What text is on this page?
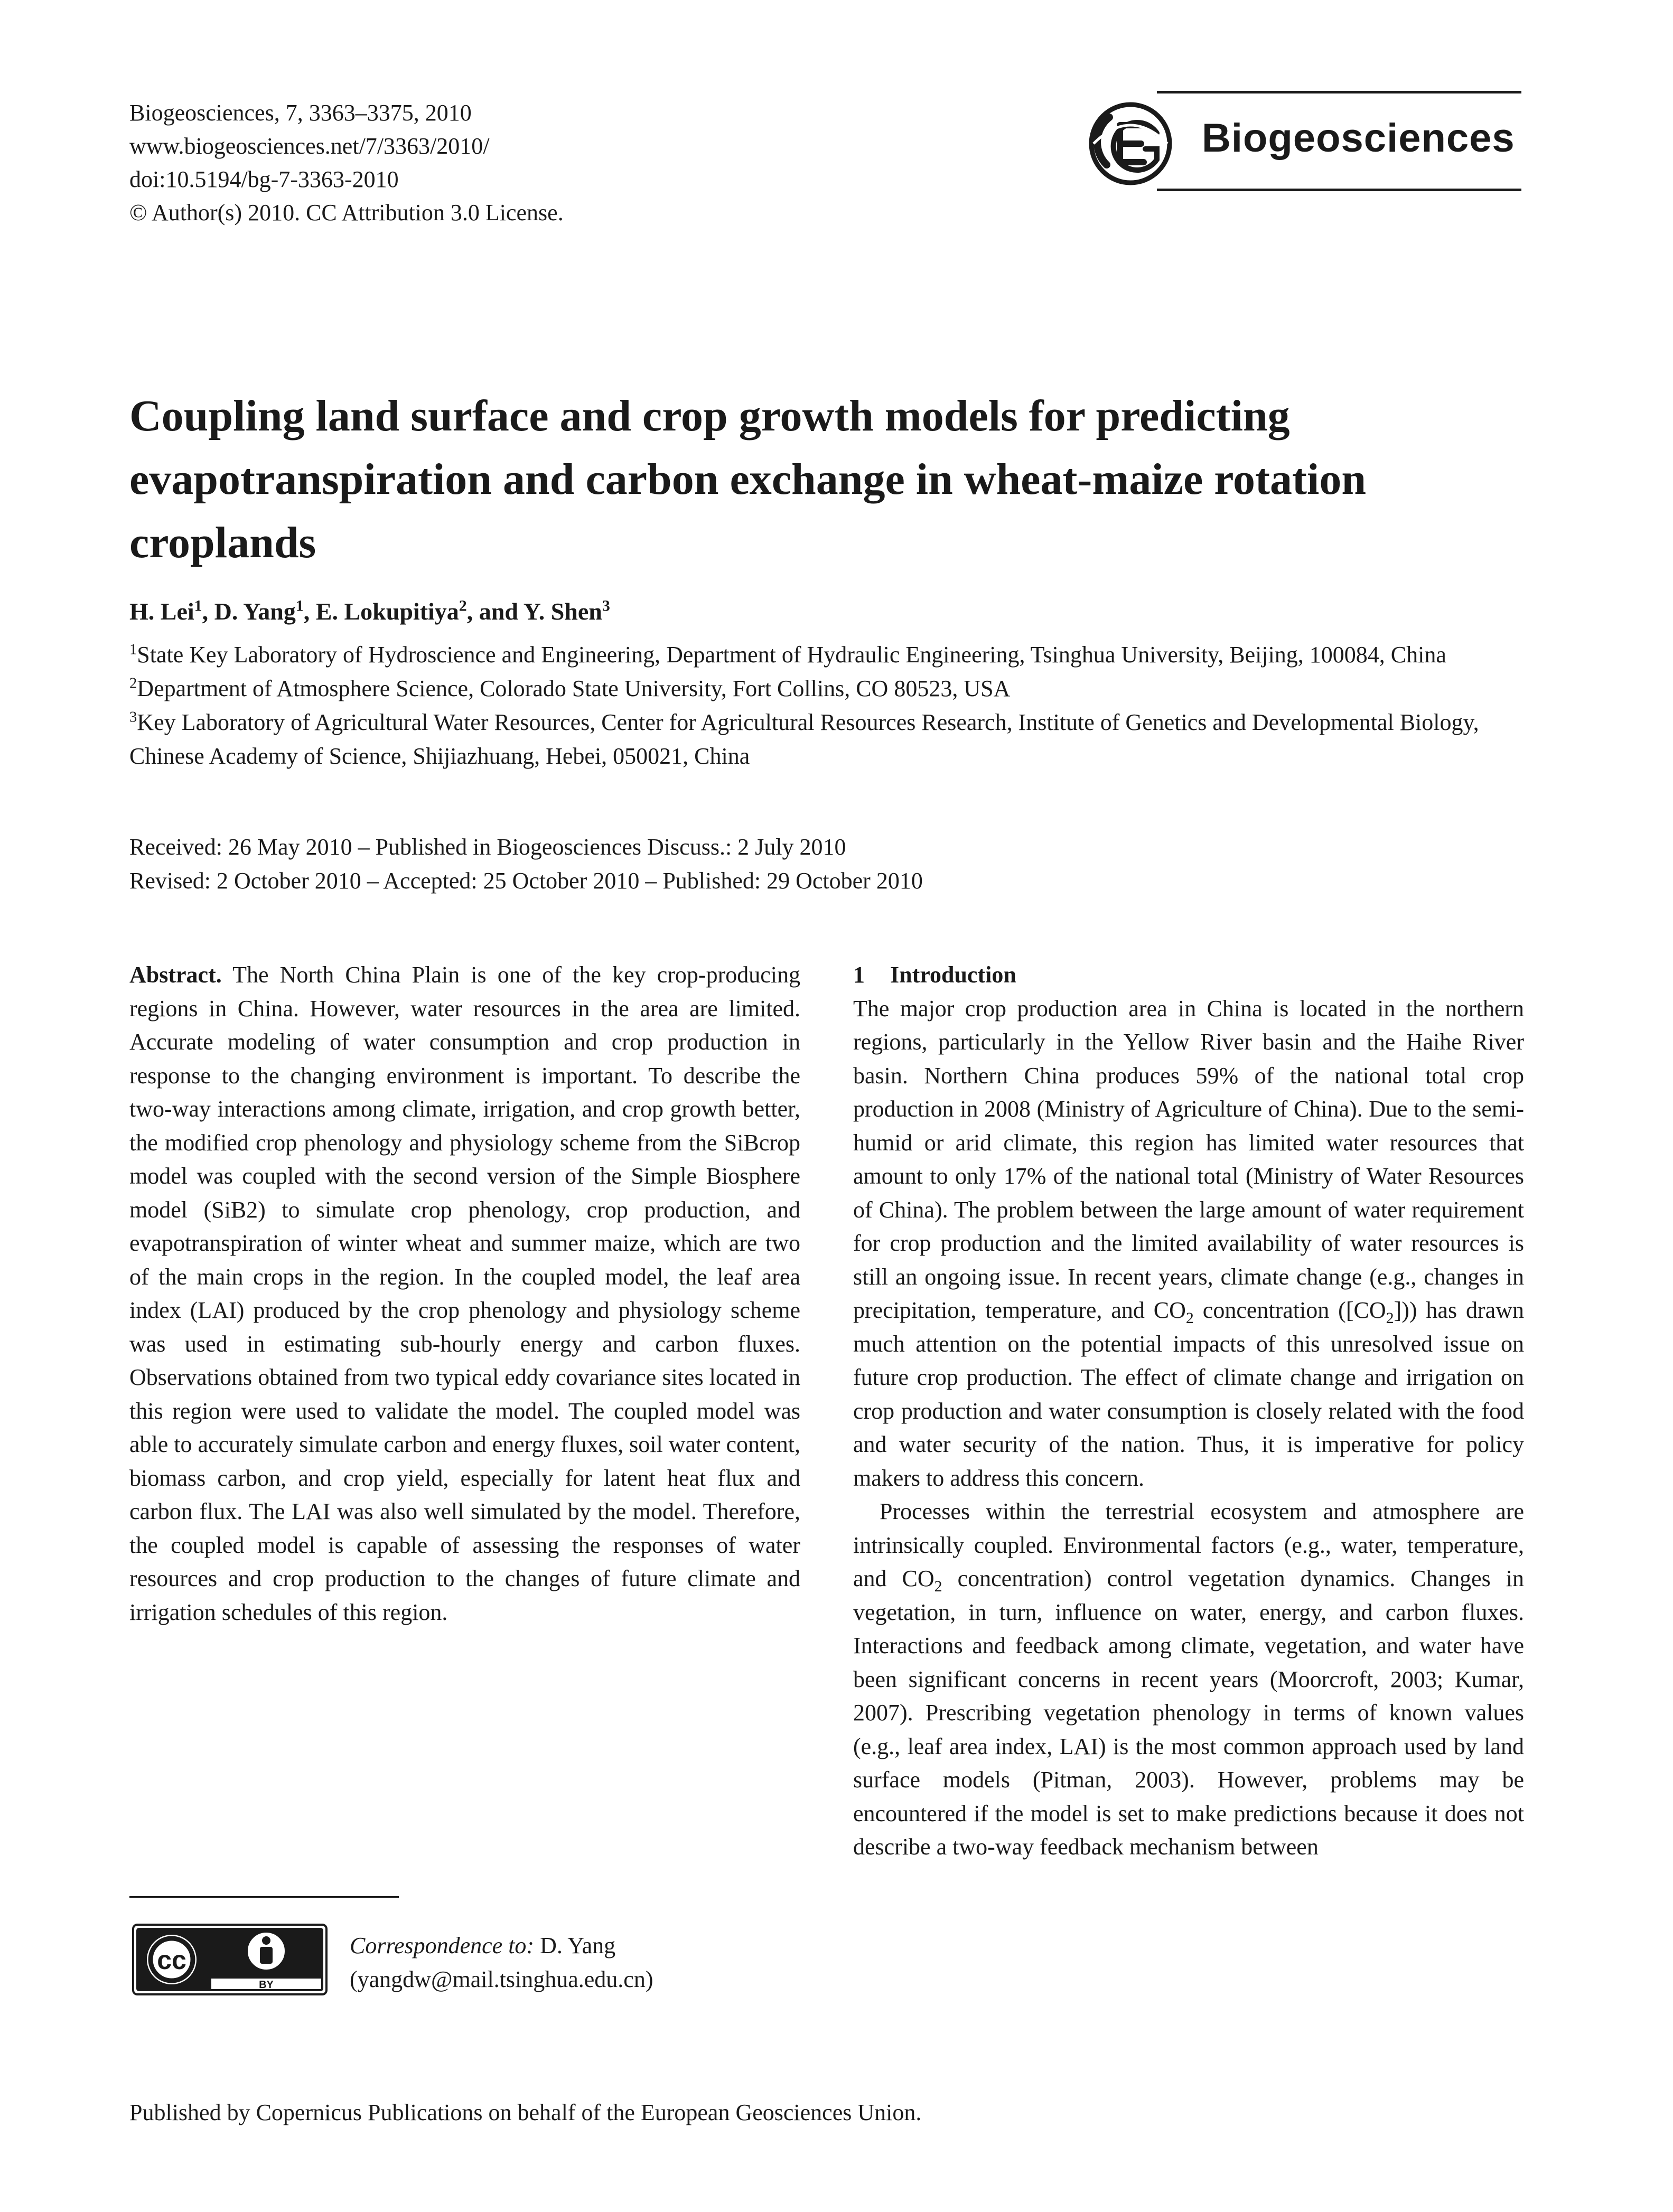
Biogeosciences, 7, 3363–3375, 2010
www.biogeosciences.net/7/3363/2010/
doi:10.5194/bg-7-3363-2010
© Author(s) 2010. CC Attribution 3.0 License.
Biogeosciences
Coupling land surface and crop growth models for predicting evapotranspiration and carbon exchange in wheat-maize rotation croplands
H. Lei$^1$, D. Yang$^1$, E. Lokupitiya$^2$, and Y. Shen$^3$

$^1$State Key Laboratory of Hydroscience and Engineering, Department of Hydraulic Engineering, Tsinghua University, Beijing, 100084, China

$^2$Department of Atmosphere Science, Colorado State University, Fort Collins, CO 80523, USA

$^3$Key Laboratory of Agricultural Water Resources, Center for Agricultural Resources Research, Institute of Genetics and Developmental Biology, Chinese Academy of Science, Shijiazhuang, Hebei, 050021, China

Received: 26 May 2010 – Published in Biogeosciences Discuss.: 2 July 2010
Revised: 2 October 2010 – Accepted: 25 October 2010 – Published: 29 October 2010

Abstract. The North China Plain is one of the key crop-producing regions in China. However, water resources in the area are limited. Accurate modeling of water consumption and crop production in response to the changing environment is important. To describe the two-way interactions among climate, irrigation, and crop growth better, the modified crop phenology and physiology scheme from the SiBcrop model was coupled with the second version of the Simple Biosphere model (SiB2) to simulate crop phenology, crop production, and evapotranspiration of winter wheat and summer maize, which are two of the main crops in the region. In the coupled model, the leaf area index (LAI) produced by the crop phenology and physiology scheme was used in estimating sub-hourly energy and carbon fluxes. Observations obtained from two typical eddy covariance sites located in this region were used to validate the model. The coupled model was able to accurately simulate carbon and energy fluxes, soil water content, biomass carbon, and crop yield, especially for latent heat flux and carbon flux. The LAI was also well simulated by the model. Therefore, the coupled model is capable of assessing the responses of water resources and crop production to the changes of future climate and irrigation schedules of this region.

1 Introduction

The major crop production area in China is located in the northern regions, particularly in the Yellow River basin and the Haihe River basin. Northern China produces 59% of the national total crop production in 2008 (Ministry of Agriculture of China). Due to the semi-humid or arid climate, this region has limited water resources that amount to only 17% of the national total (Ministry of Water Resources of China). The problem between the large amount of water requirement for crop production and the limited availability of water resources is still an ongoing issue. In recent years, climate change (e.g., changes in precipitation, temperature, and $CO_2$ concentration $([CO_2])$) has drawn much attention on the potential impacts of this unresolved issue on future crop production. The effect of climate change and irrigation on crop production and water consumption is closely related with the food and water security of the nation. Thus, it is imperative for policy makers to address this concern.

Processes within the terrestrial ecosystem and atmosphere are intrinsically coupled. Environmental factors (e.g., water, temperature, and $CO_2$ concentration) control vegetation dynamics. Changes in vegetation, in turn, influence on water, energy, and carbon fluxes. Interactions and feedback among climate, vegetation, and water have been significant concerns in recent years (Moorcroft, 2003; Kumar, 2007). Prescribing vegetation phenology in terms of known values (e.g., leaf area index, LAI) is the most common approach used by land surface models (Pitman, 2003). However, problems may be encountered if the model is set to make predictions because it does not describe a two-way feedback mechanism between

cc
BY
Correspondence to: D. Yang
(yangdw@mail.tsinghua.edu.cn)
Published by Copernicus Publications on behalf of the European Geosciences Union.
